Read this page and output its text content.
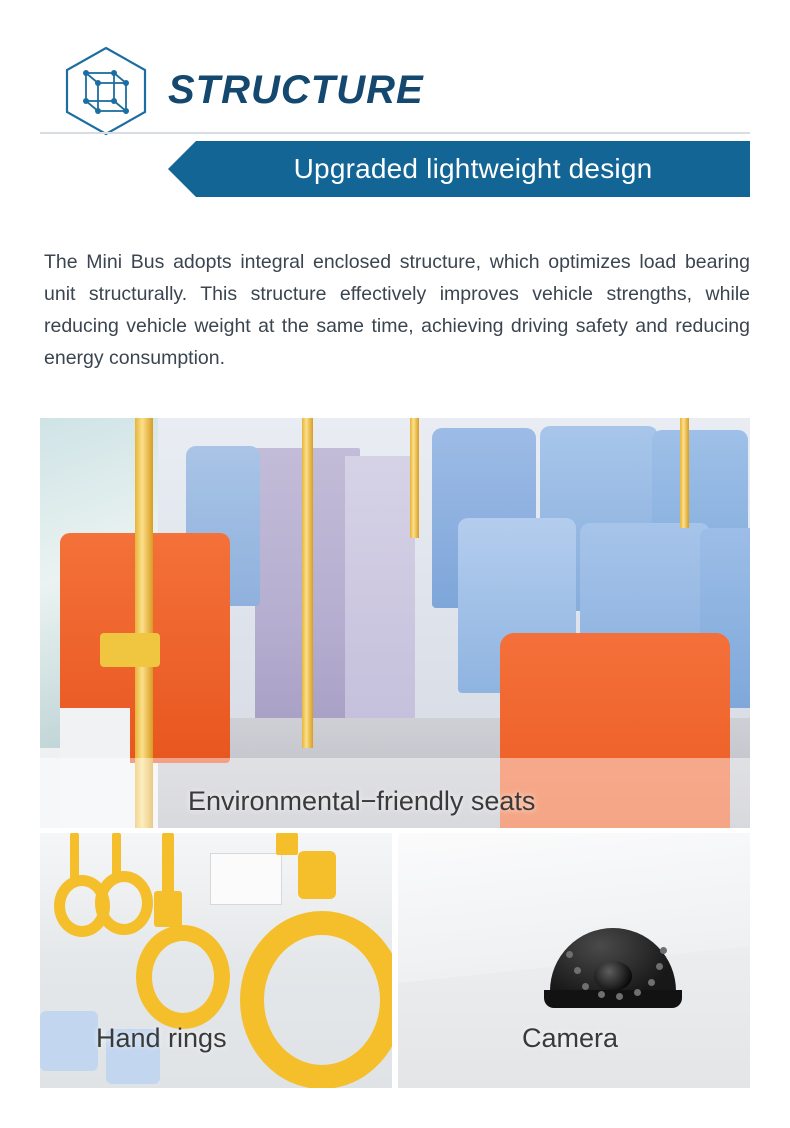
STRUCTURE
Upgraded lightweight design
The Mini Bus adopts integral enclosed structure, which optimizes load bearing unit structurally. This structure effectively improves vehicle strengths, while reducing vehicle weight at the same time, achieving driving safety and reducing energy consumption.
Environmental−friendly seats
Hand rings	Camera
